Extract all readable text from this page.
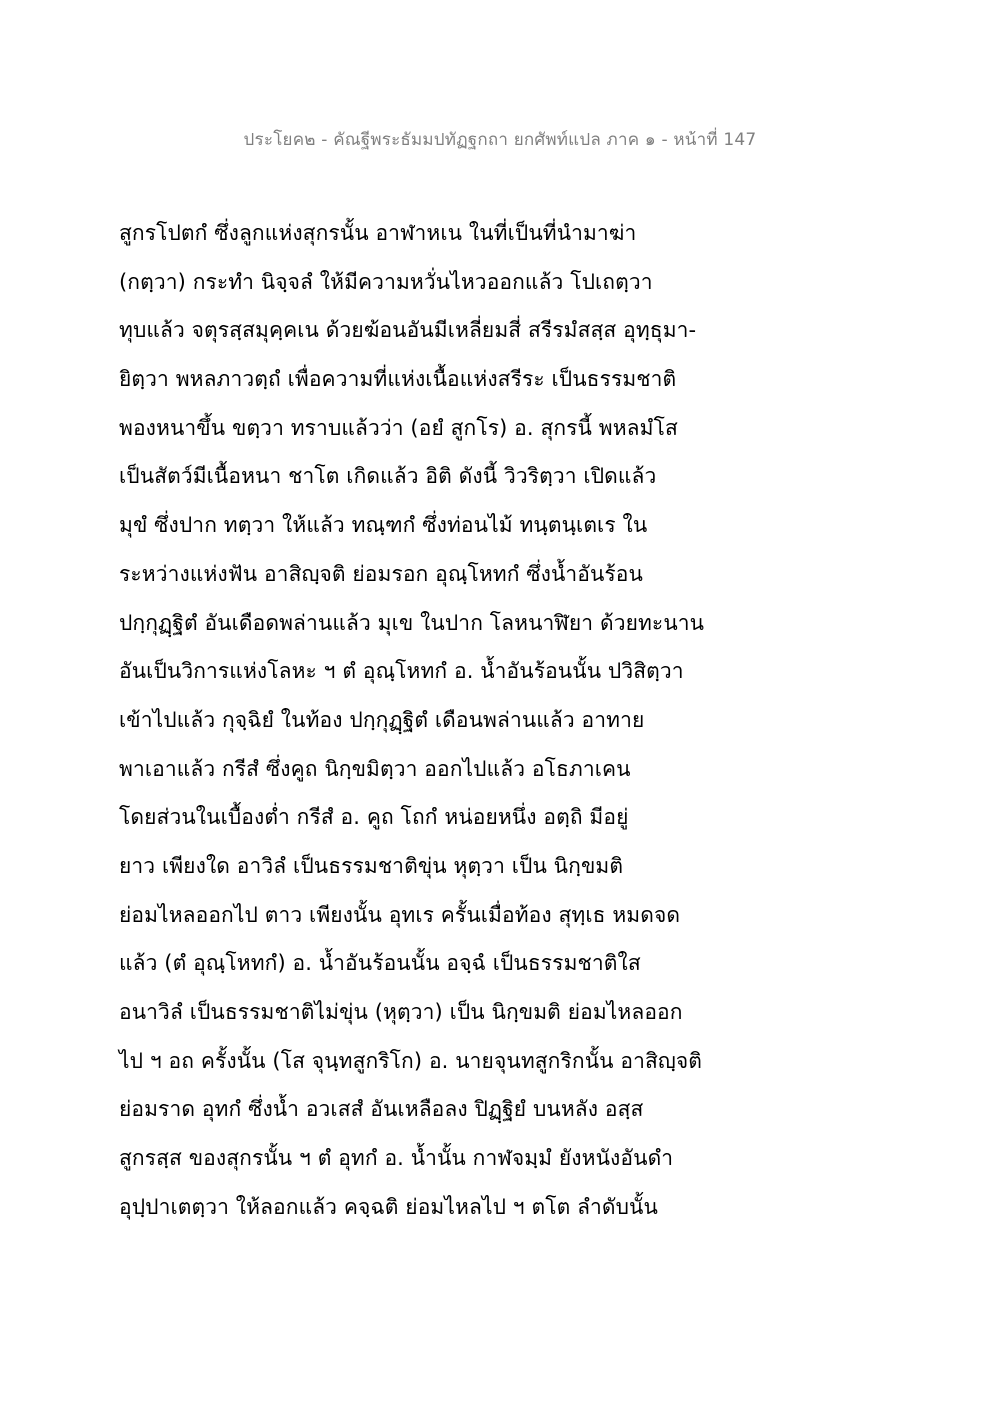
ประโยค๒ - คัณฐีพระธัมมปทัฏฐกถา ยกศัพท์แปล ภาค ๑ - หน้าที่ 147
สูกรโปตกํ ซึ่งลูกแห่งสุกรนั้น อาฬาหเน ในที่เป็นที่นำมาฆ่า
(กตฺวา) กระทำ นิจฺจลํ ให้มีความหวั่นไหวออกแล้ว โปเถตฺวา
ทุบแล้ว จตุรสฺสมุคฺคเน ด้วยฆ้อนอันมีเหลี่ยมสี่ สรีรมํสสฺส อุทฺธุมา-
ยิตฺวา พหลภาวตฺถํ เพื่อความที่แห่งเนื้อแห่งสรีระ เป็นธรรมชาติ
พองหนาขึ้น ขตฺวา ทราบแล้วว่า (อยํ สูกโร) อ. สุกรนี้ พหลมํโส
เป็นสัตว์มีเนื้อหนา ชาโต เกิดแล้ว อิติ ดังนี้ วิวริตฺวา เปิดแล้ว
มุขํ ซึ่งปาก ทตฺวา ให้แล้ว ทณฺฑกํ ซึ่งท่อนไม้ ทนฺตนฺเตเร ใน
ระหว่างแห่งฟัน อาสิญฺจติ ย่อมรอก อุณฺโหทกํ ซึ่งน้ำอันร้อน
ปกฺกุฏฺฐิตํ อันเดือดพล่านแล้ว มุเข ในปาก โลหนาฬิยา ด้วยทะนาน
อันเป็นวิการแห่งโลหะ ฯ ตํ อุณฺโหทกํ อ. น้ำอันร้อนนั้น ปวิสิตฺวา
เข้าไปแล้ว กุจฺฉิยํ ในท้อง ปกฺกุฏฺฐิตํ เดือนพล่านแล้ว อาทาย
พาเอาแล้ว กรีสํ ซึ่งคูถ นิกฺขมิตฺวา ออกไปแล้ว อโธภาเคน
โดยส่วนในเบื้องต่ำ กรีสํ อ. คูถ โถกํ หน่อยหนึ่ง อตฺถิ มีอยู่
ยาว เพียงใด อาวิลํ เป็นธรรมชาติขุ่น หุตฺวา เป็น นิกฺขมติ
ย่อมไหลออกไป ตาว เพียงนั้น อุทเร ครั้นเมื่อท้อง สุทฺเธ หมดจด
แล้ว (ตํ อุณฺโหทกํ) อ. น้ำอันร้อนนั้น อจฺฉํ เป็นธรรมชาติใส
อนาวิลํ เป็นธรรมชาติไม่ขุ่น (หุตฺวา) เป็น นิกฺขมติ ย่อมไหลออก
ไป ฯ อถ ครั้งนั้น (โส จุนฺทสูกริโก) อ. นายจุนทสูกริกนั้น อาสิญฺจติ
ย่อมราด อุทกํ ซึ่งน้ำ อวเสสํ อันเหลือลง ปิฏฺฐิยํ บนหลัง อสฺส
สูกรสฺส ของสุกรนั้น ฯ ตํ อุทกํ อ. น้ำนั้น กาฬจมฺมํ ยังหนังอันดำ
อุปฺปาเตตฺวา ให้ลอกแล้ว คจฺฉติ ย่อมไหลไป ฯ ตโต ลำดับนั้น
